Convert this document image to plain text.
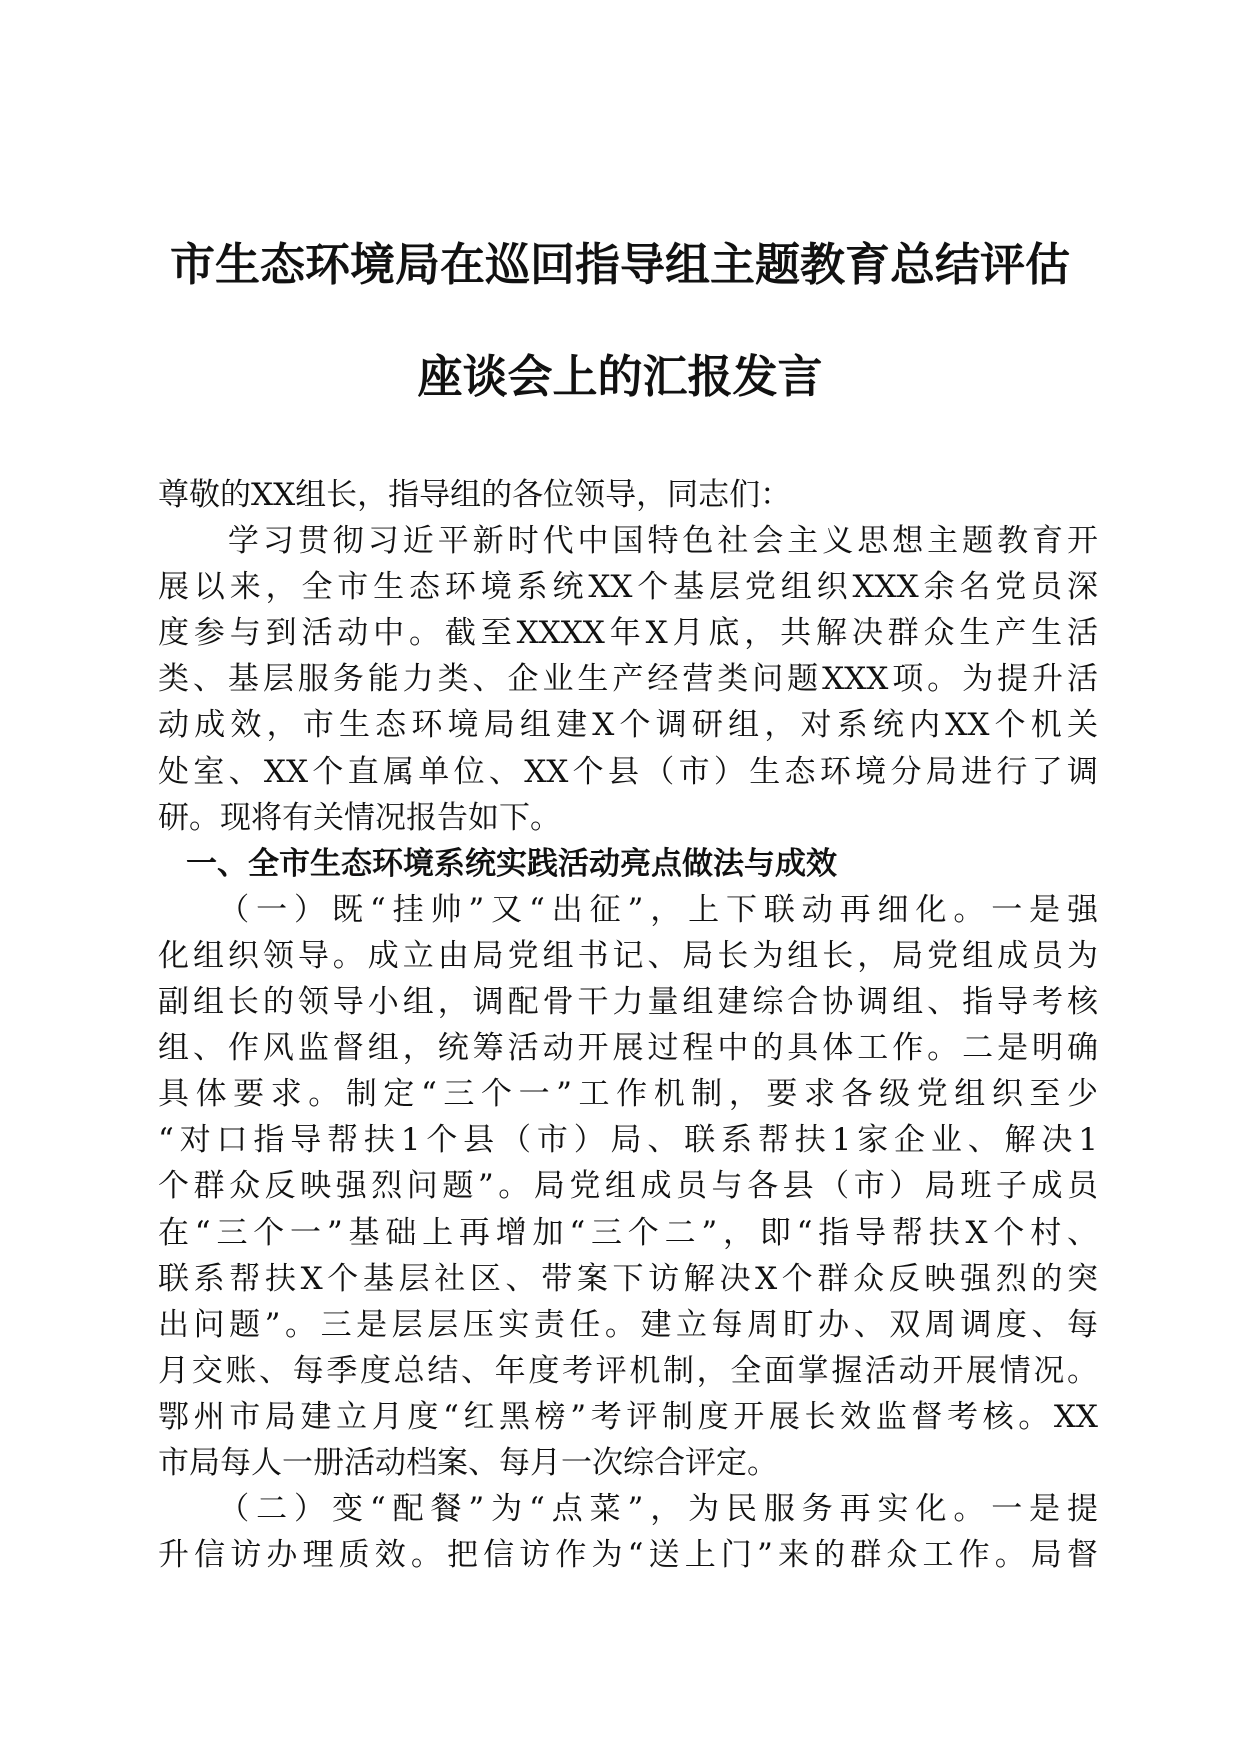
市生态环境局在巡回指导组主题教育总结评估
座谈会上的汇报发言
尊敬的XX组长，指导组的各位领导，同志们：
　　学习贯彻习近平新时代中国特色社会主义思想主题教育开
展以来，全市生态环境系统XX个基层党组织XXX余名党员深
度参与到活动中。截至XXXX年X月底，共解决群众生产生活
类、基层服务能力类、企业生产经营类问题XXX项。为提升活
动成效，市生态环境局组建X个调研组，对系统内XX个机关
处室、XX个直属单位、XX个县（市）生态环境分局进行了调
研。现将有关情况报告如下。
一、全市生态环境系统实践活动亮点做法与成效
　　（一）既“挂帅”又“出征”，上下联动再细化。一是强
化组织领导。成立由局党组书记、局长为组长，局党组成员为
副组长的领导小组，调配骨干力量组建综合协调组、指导考核
组、作风监督组，统筹活动开展过程中的具体工作。二是明确
具体要求。制定“三个一”工作机制，要求各级党组织至少
“对口指导帮扶1个县（市）局、联系帮扶1家企业、解决1
个群众反映强烈问题”。局党组成员与各县（市）局班子成员
在“三个一”基础上再增加“三个二”，即“指导帮扶X个村、
联系帮扶X个基层社区、带案下访解决X个群众反映强烈的突
出问题”。三是层层压实责任。建立每周盯办、双周调度、每
月交账、每季度总结、年度考评机制，全面掌握活动开展情况。
鄂州市局建立月度“红黑榜”考评制度开展长效监督考核。XX
市局每人一册活动档案、每月一次综合评定。
　　（二）变“配餐”为“点菜”，为民服务再实化。一是提
升信访办理质效。把信访作为“送上门”来的群众工作。局督
